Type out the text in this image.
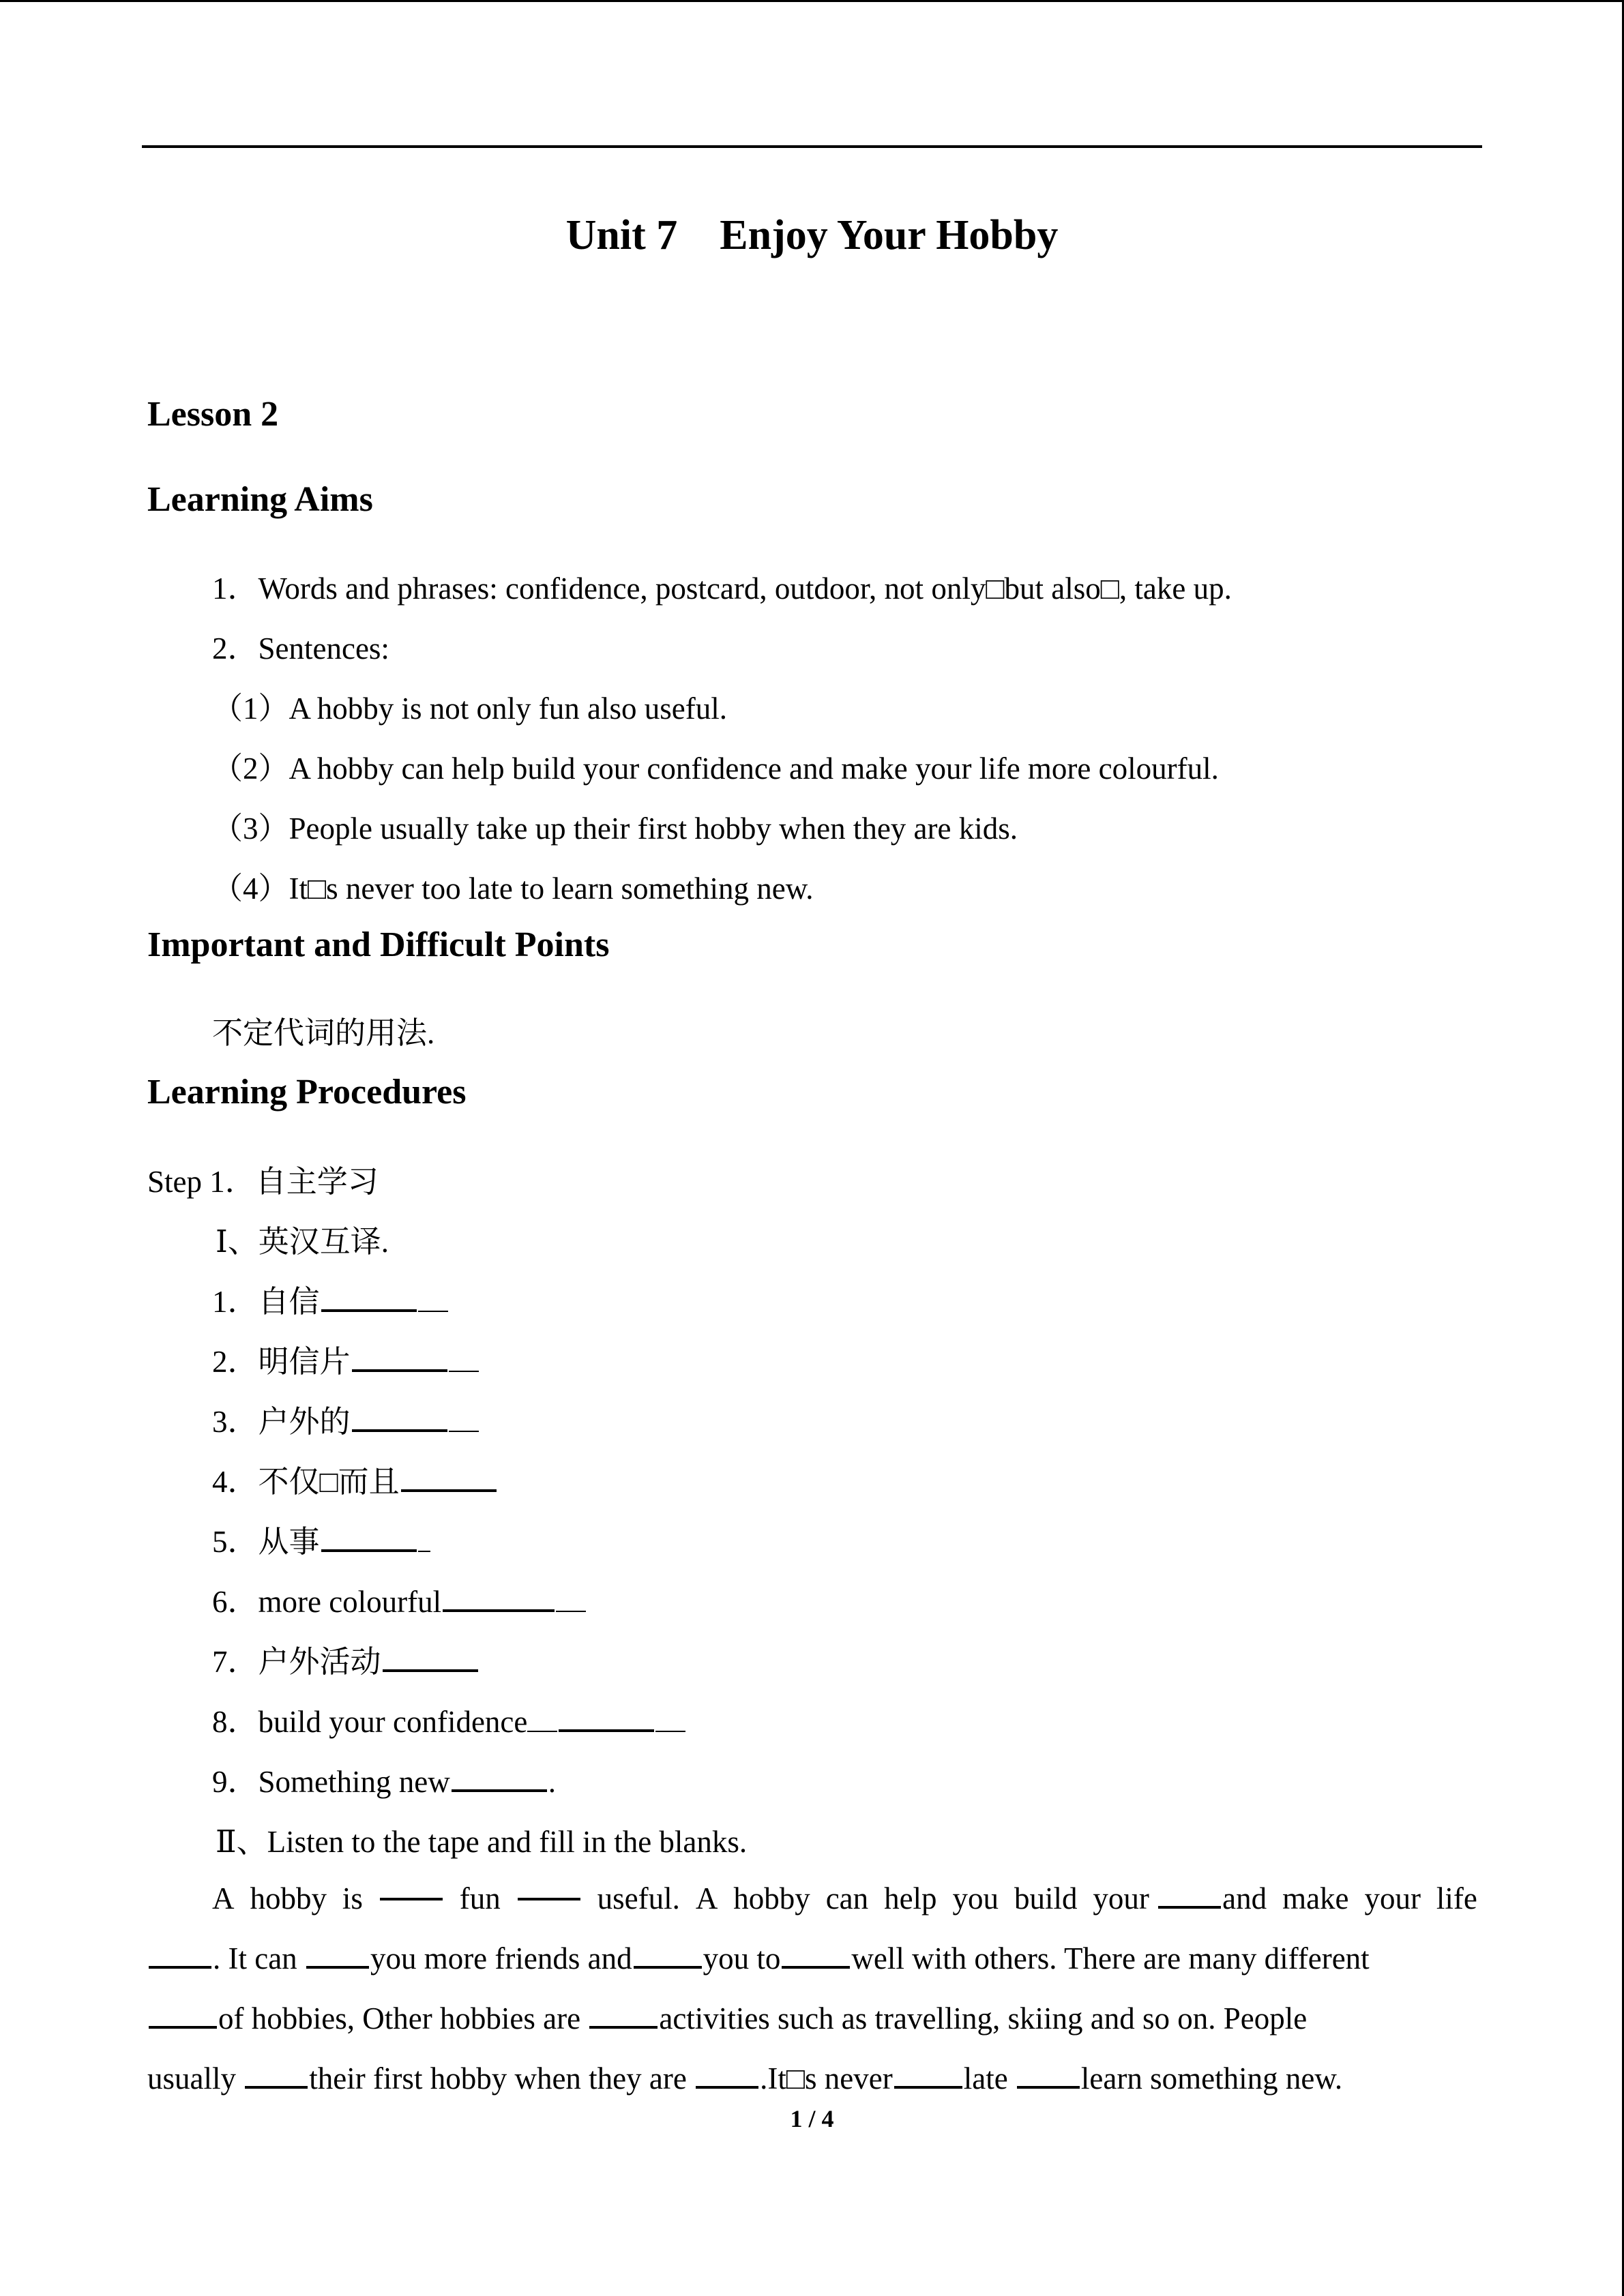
Unit 7    Enjoy Your Hobby
Lesson 2
Learning Aims
1．Words and phrases: confidence, postcard, outdoor, not only□but also□, take up.
2．Sentences:
（1）A hobby is not only fun also useful.
（2）A hobby can help build your confidence and make your life more colourful.
（3）People usually take up their first hobby when they are kids.
（4）It□s never too late to learn something new.
Important and Difficult Points
不定代词的用法.
Learning Procedures
Step 1．自主学习
Ⅰ、英汉互译.
1．自信
2．明信片
3．户外的
4．不仅□而且
5．从事
6．more colourful
7．户外活动
8．build your confidence
9．Something new	.
Ⅱ、Listen to the tape and fill in the blanks.
A hobby is	fun	useful. A hobby can help you build your and make your life
. It can you more friends and you to well with others. There are many different
of hobbies, Other hobbies are	activities such as travelling, skiing and so on. People
usually their first hobby when they are .It□s never late learn something new.
1 / 4
